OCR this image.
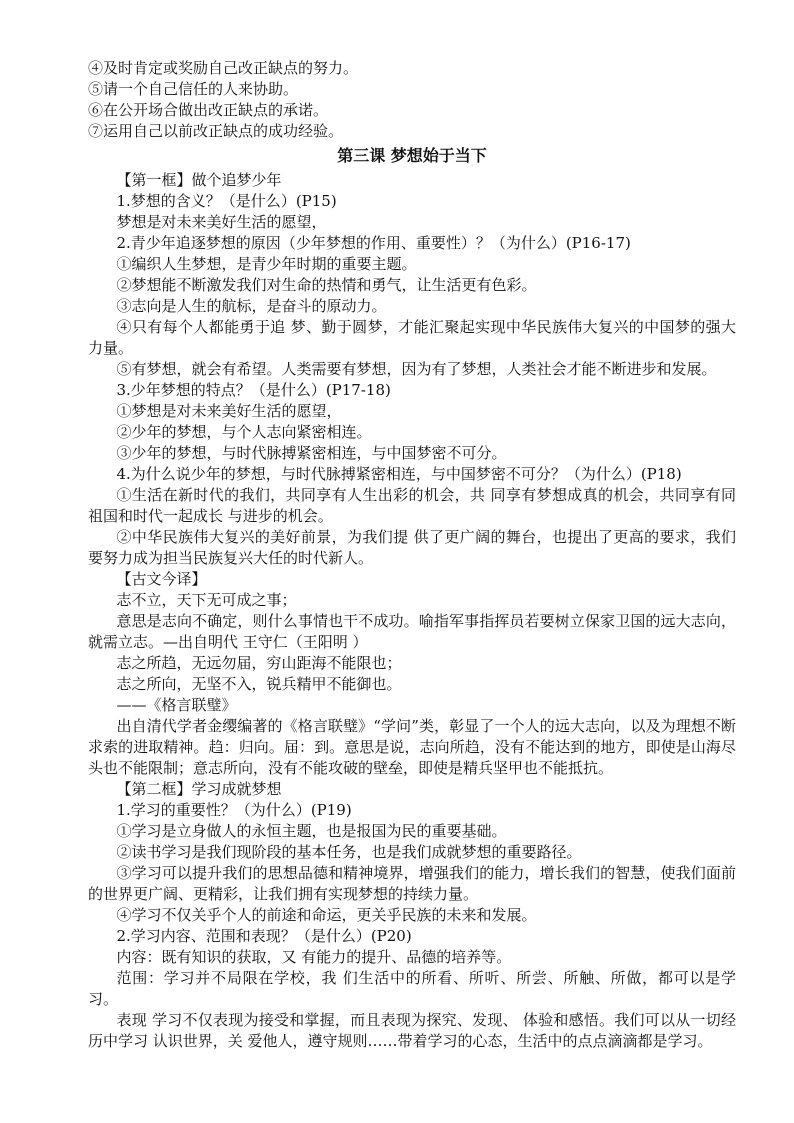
④及时肯定或奖励自己改正缺点的努力。

⑤请一个自己信任的人来协助。

⑥在公开场合做出改正缺点的承诺。

⑦运用自己以前改正缺点的成功经验。

第三课 梦想始于当下

【第一框】做个追梦少年

1.梦想的含义？（是什么）(P15)

梦想是对未来美好生活的愿望，

2.青少年追逐梦想的原因（少年梦想的作用、重要性）？（为什么）(P16-17)

①编织人生梦想，是青少年时期的重要主题。

②梦想能不断激发我们对生命的热情和勇气，让生活更有色彩。

③志向是人生的航标，是奋斗的原动力。

④只有每个人都能勇于追 梦、勤于圆梦，才能汇聚起实现中华民族伟大复兴的中国梦的强大力量。

⑤有梦想，就会有希望。人类需要有梦想，因为有了梦想，人类社会才能不断进步和发展。

3.少年梦想的特点？（是什么）(P17-18)

①梦想是对未来美好生活的愿望，

②少年的梦想，与个人志向紧密相连。

③少年的梦想，与时代脉搏紧密相连，与中国梦密不可分。

4.为什么说少年的梦想，与时代脉搏紧密相连，与中国梦密不可分？（为什么）(P18)

①生活在新时代的我们，共同享有人生出彩的机会，共 同享有梦想成真的机会，共同享有同祖国和时代一起成长 与进步的机会。

②中华民族伟大复兴的美好前景，为我们提 供了更广阔的舞台，也提出了更高的要求，我们要努力成为担当民族复兴大任的时代新人。

【古文今译】

志不立，天下无可成之事；

意思是志向不确定，则什么事情也干不成功。喻指军事指挥员若要树立保家卫国的远大志向，就需立志。—出自明代 王守仁（王阳明 ）

志之所趋，无远勿届，穷山距海不能限也；

志之所向，无坚不入，锐兵精甲不能御也。

——《格言联璧》

出自清代学者金缨编著的《格言联璧》“学问”类，彰显了一个人的远大志向，以及为理想不断求索的进取精神。趋：归向。届：到。意思是说，志向所趋，没有不能达到的地方，即使是山海尽头也不能限制；意志所向，没有不能攻破的壁垒，即使是精兵坚甲也不能抵抗。

【第二框】学习成就梦想

1.学习的重要性？（为什么）(P19)

①学习是立身做人的永恒主题，也是报国为民的重要基础。

②读书学习是我们现阶段的基本任务，也是我们成就梦想的重要路径。

③学习可以提升我们的思想品德和精神境界，增强我们的能力，增长我们的智慧，使我们面前的世界更广阔、更精彩，让我们拥有实现梦想的持续力量。

④学习不仅关乎个人的前途和命运，更关乎民族的未来和发展。

2.学习内容、范围和表现？（是什么）(P20)

内容：既有知识的获取，又 有能力的提升、品德的培养等。

范围：学习并不局限在学校，我 们生活中的所看、所听、所尝、所触、所做，都可以是学习。

表现 学习不仅表现为接受和掌握，而且表现为探究、发现、 体验和感悟。我们可以从一切经历中学习 认识世界，关 爱他人，遵守规则……带着学习的心态，生活中的点点滴滴都是学习。
